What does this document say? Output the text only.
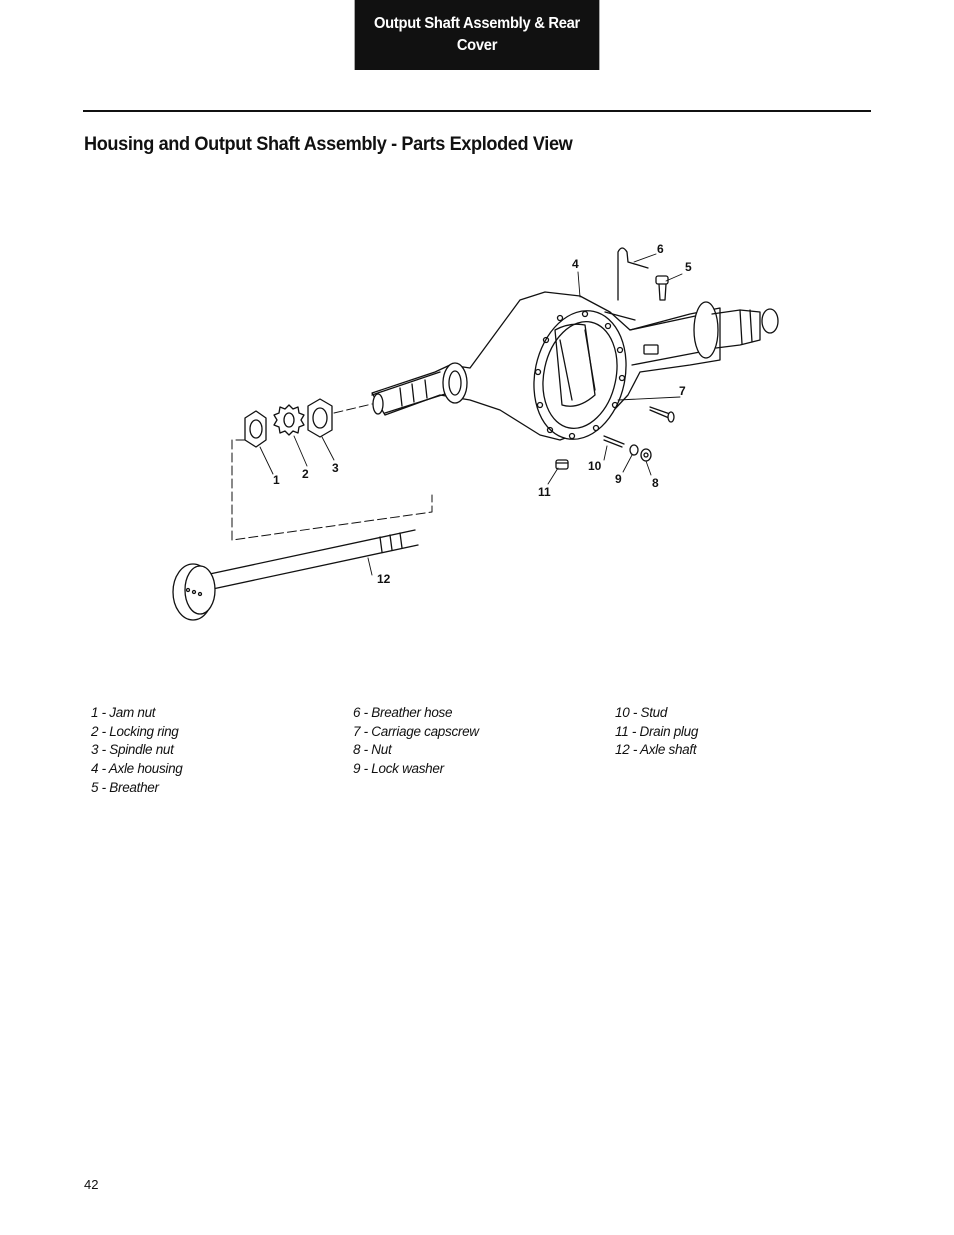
Output Shaft Assembly & Rear Cover
Housing and Output Shaft Assembly - Parts Exploded View
1 2 3
4	5
6
7
8
9
10
11
12
1 - Jam nut
2 - Locking ring
3 - Spindle nut
4 - Axle housing
5 - Breather
6 - Breather hose
7 - Carriage capscrew
8 - Nut
9 - Lock washer
10 - Stud
11 - Drain plug
12 - Axle shaft
42
